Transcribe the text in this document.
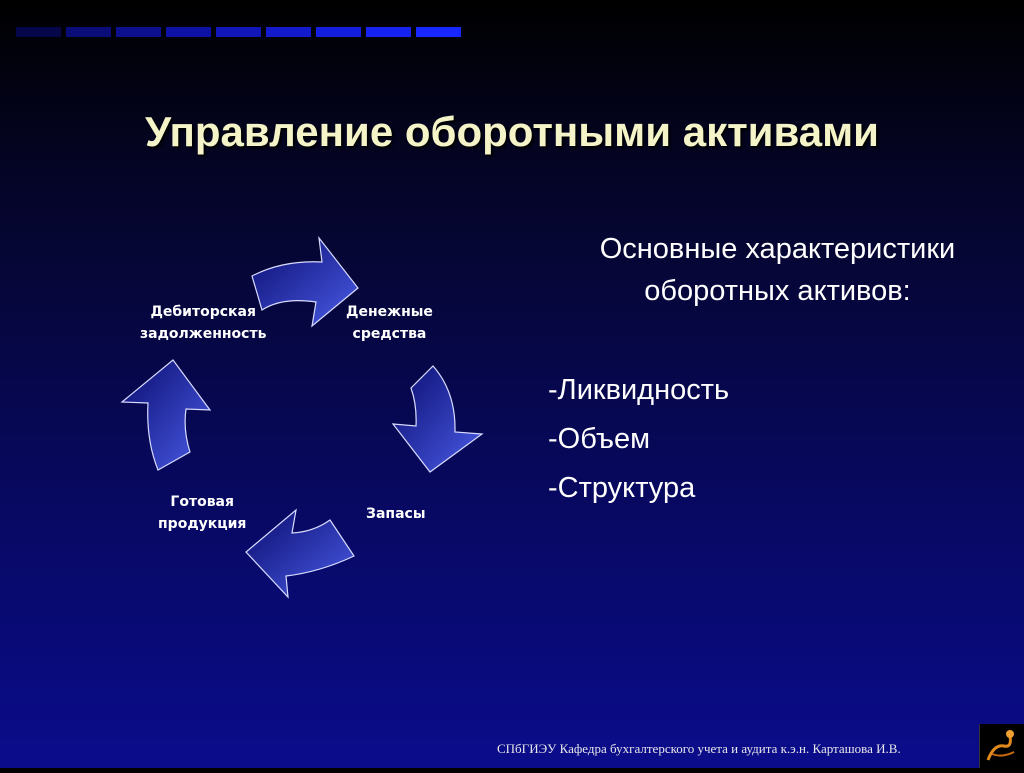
Управление оборотными активами
Денежные
средства
Запасы
Готовая
продукция
Дебиторская
задолженность
Основные характеристики
оборотных активов:
-Ликвидность
-Объем
-Структура
СПбГИЭУ Кафедра бухгалтерского учета и аудита к.э.н. Карташова И.В.
